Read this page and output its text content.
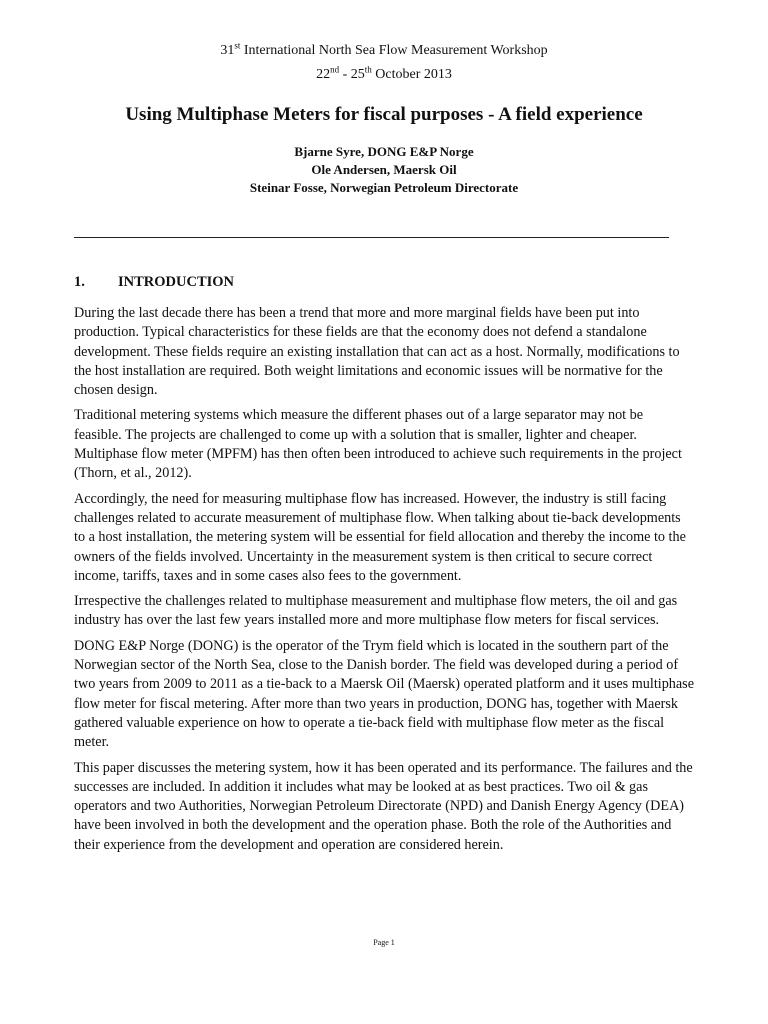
31st International North Sea Flow Measurement Workshop
22nd - 25th October 2013
Using Multiphase Meters for fiscal purposes - A field experience
Bjarne Syre, DONG E&P Norge
Ole Andersen, Maersk Oil
Steinar Fosse, Norwegian Petroleum Directorate
1.	INTRODUCTION

During the last decade there has been a trend that more and more marginal fields have been put into production. Typical characteristics for these fields are that the economy does not defend a standalone development. These fields require an existing installation that can act as a host. Normally, modifications to the host installation are required. Both weight limitations and economic issues will be normative for the chosen design.

Traditional metering systems which measure the different phases out of a large separator may not be feasible. The projects are challenged to come up with a solution that is smaller, lighter and cheaper. Multiphase flow meter (MPFM) has then often been introduced to achieve such requirements in the project (Thorn, et al., 2012).

Accordingly, the need for measuring multiphase flow has increased. However, the industry is still facing challenges related to accurate measurement of multiphase flow. When talking about tie-back developments to a host installation, the metering system will be essential for field allocation and thereby the income to the owners of the fields involved. Uncertainty in the measurement system is then critical to secure correct income, tariffs, taxes and in some cases also fees to the government.

Irrespective the challenges related to multiphase measurement and multiphase flow meters, the oil and gas industry has over the last few years installed more and more multiphase flow meters for fiscal services.

DONG E&P Norge (DONG) is the operator of the Trym field which is located in the southern part of the Norwegian sector of the North Sea, close to the Danish border. The field was developed during a period of two years from 2009 to 2011 as a tie-back to a Maersk Oil (Maersk) operated platform and it uses multiphase flow meter for fiscal metering. After more than two years in production, DONG has, together with Maersk gathered valuable experience on how to operate a tie-back field with multiphase flow meter as the fiscal meter.

This paper discusses the metering system, how it has been operated and its performance. The failures and the successes are included. In addition it includes what may be looked at as best practices. Two oil & gas operators and two Authorities, Norwegian Petroleum Directorate (NPD) and Danish Energy Agency (DEA) have been involved in both the development and the operation phase. Both the role of the Authorities and their experience from the development and operation are considered herein.

Page 1
